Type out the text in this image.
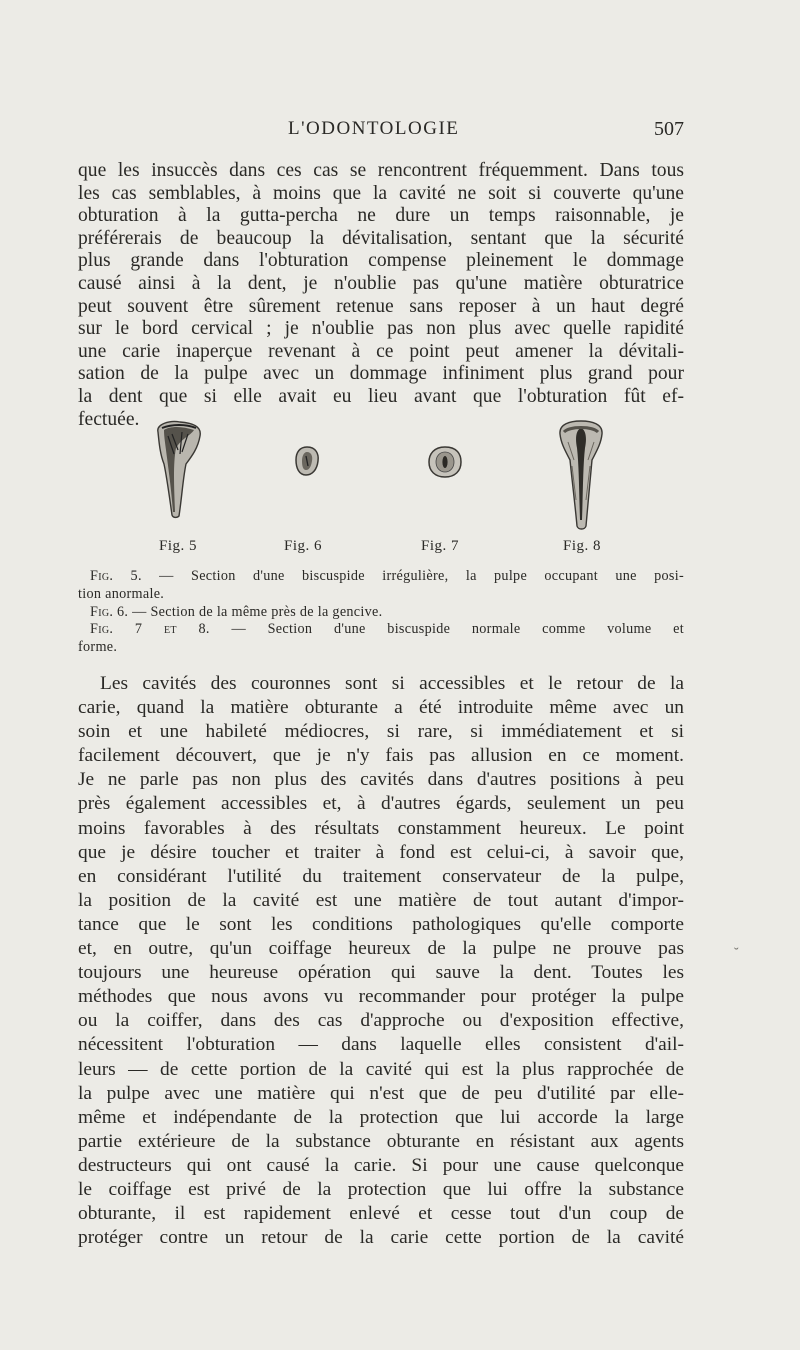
L'ODONTOLOGIE	507
que les insuccès dans ces cas se rencontrent fréquemment. Dans tous
les cas semblables, à moins que la cavité ne soit si couverte qu'une
obturation à la gutta-percha ne dure un temps raisonnable, je
préférerais de beaucoup la dévitalisation, sentant que la sécurité
plus grande dans l'obturation compense pleinement le dommage
causé ainsi à la dent, je n'oublie pas qu'une matière obturatrice
peut souvent être sûrement retenue sans reposer à un haut degré
sur le bord cervical ; je n'oublie pas non plus avec quelle rapidité
une carie inaperçue revenant à ce point peut amener la dévitali-
sation de la pulpe avec un dommage infiniment plus grand pour
la dent que si elle avait eu lieu avant que l'obturation fût ef-
fectuée.
Fig. 5	Fig. 6	Fig. 7	Fig. 8
Fig. 5. — Section d'une biscuspide irrégulière, la pulpe occupant une posi-
tion anormale.
Fig. 6. — Section de la même près de la gencive.
Fig. 7 et 8. — Section d'une biscuspide normale comme volume et
forme.
Les cavités des couronnes sont si accessibles et le retour de la
carie, quand la matière obturante a été introduite même avec un
soin et une habileté médiocres, si rare, si immédiatement et si
facilement découvert, que je n'y fais pas allusion en ce moment.
Je ne parle pas non plus des cavités dans d'autres positions à peu
près également accessibles et, à d'autres égards, seulement un peu
moins favorables à des résultats constamment heureux. Le point
que je désire toucher et traiter à fond est celui-ci, à savoir que,
en considérant l'utilité du traitement conservateur de la pulpe,
la position de la cavité est une matière de tout autant d'impor-
tance que le sont les conditions pathologiques qu'elle comporte
et, en outre, qu'un coiffage heureux de la pulpe ne prouve pas
toujours une heureuse opération qui sauve la dent. Toutes les
méthodes que nous avons vu recommander pour protéger la pulpe
ou la coiffer, dans des cas d'approche ou d'exposition effective,
nécessitent l'obturation — dans laquelle elles consistent d'ail-
leurs — de cette portion de la cavité qui est la plus rapprochée de
la pulpe avec une matière qui n'est que de peu d'utilité par elle-
même et indépendante de la protection que lui accorde la large
partie extérieure de la substance obturante en résistant aux agents
destructeurs qui ont causé la carie. Si pour une cause quelconque
le coiffage est privé de la protection que lui offre la substance
obturante, il est rapidement enlevé et cesse tout d'un coup de
protéger contre un retour de la carie cette portion de la cavité
˘
